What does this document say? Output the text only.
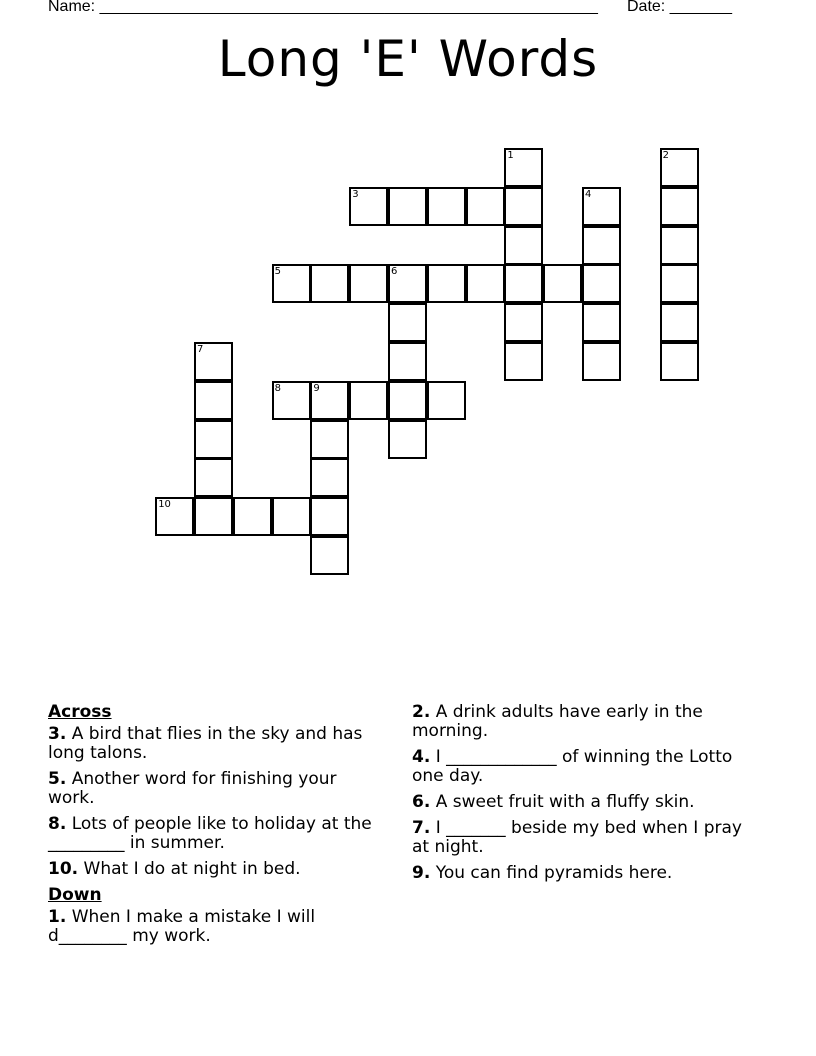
Name: ________________________________________________________ Date: _______
Long 'E' Words
1	2
3	4
5	6
7
8	9
10
Across
3. A bird that flies in the sky and has long talons.
5. Another word for finishing your work.
8. Lots of people like to holiday at the _________ in summer.
10. What I do at night in bed.
Down
1. When I make a mistake I will d________ my work.
2. A drink adults have early in the morning.
4. I _____________ of winning the Lotto one day.
6. A sweet fruit with a fluffy skin.
7. I _______ beside my bed when I pray at night.
9. You can find pyramids here.
